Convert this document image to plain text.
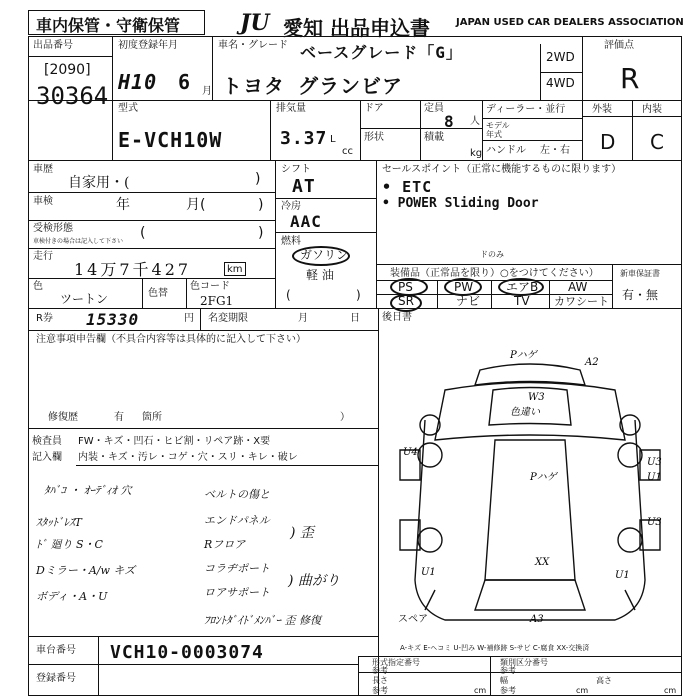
車内保管・守衛保管	JU 愛知 出品申込書	JAPAN USED CAR DEALERS ASSOCIATION
出品番号
[2090]
30364
初度登録年月
H10 6 月
車名・グレード ベースグレード「G」
トヨタ グランビア
2WD
4WD
評価点
R
外装	内装
D C
型式
E-VCH10W
排気量
3.37 L
cc
ドア	定員
8 人
形状	積載
kg
ディーラー・並行
モデル
年式
ハンドル 左・右
車歴
自家用・(	)
車検	年	月(	)
受検形態
車検付きの場合は記入して下さい
(	)
走行
14万7千427	km
色
ツートン	色替
色コード
2FG1
シフト
AT
冷房
AAC
燃料
ガソリン
軽 油
(	)
セールスポイント（正常に機能するものに限ります）
• ETC
• POWER Sliding Door
装備品（正常品を限り）○をつけてください）
ドのみ
PS	PW	エアB AW
SR	ナビ	TV カワシート
新車保証書
有・無
R券 15330	円 名変期限	月	日 後日書
注意事項申告欄（不具合内容等は具体的に記入して下さい）
修復歴	有 箇所	）
検査員
記入欄
FW・キズ・凹石・ヒビ割・リペア跡・X要
内装・キズ・汚レ・コゲ・穴・スリ・キレ・破レ
ﾀﾊﾞｺ ・ ｵｰﾃﾞｨｵ 穴
ｽﾀｯﾄﾞﾚｽT
ﾄﾞ 廻り S・C
Dミラー・A/w キズ
ボディ・A・U
ベルトの傷と
エンドパネル
Rフロア
コラヂポート
ロアサポート
ﾌﾛﾝﾄﾀﾞｲﾄﾞﾒﾝﾊﾞｰ 歪 修復
) 歪
) 曲がり
Pハゲ
A2
W3
色違い
Pハゲ
U4
U3
U1
U3
XX
U1	U1
A3
スペア
A-キズ E-ヘコミ U-凹み W-補修跡 S-サビ C-腐食 XX-交換済
車台番号 VCH10-0003074
登録番号
形式指定番号	類別区分番号
参考	参考
長さ	幅
cm	cm
高さ
cm
参考	参考
